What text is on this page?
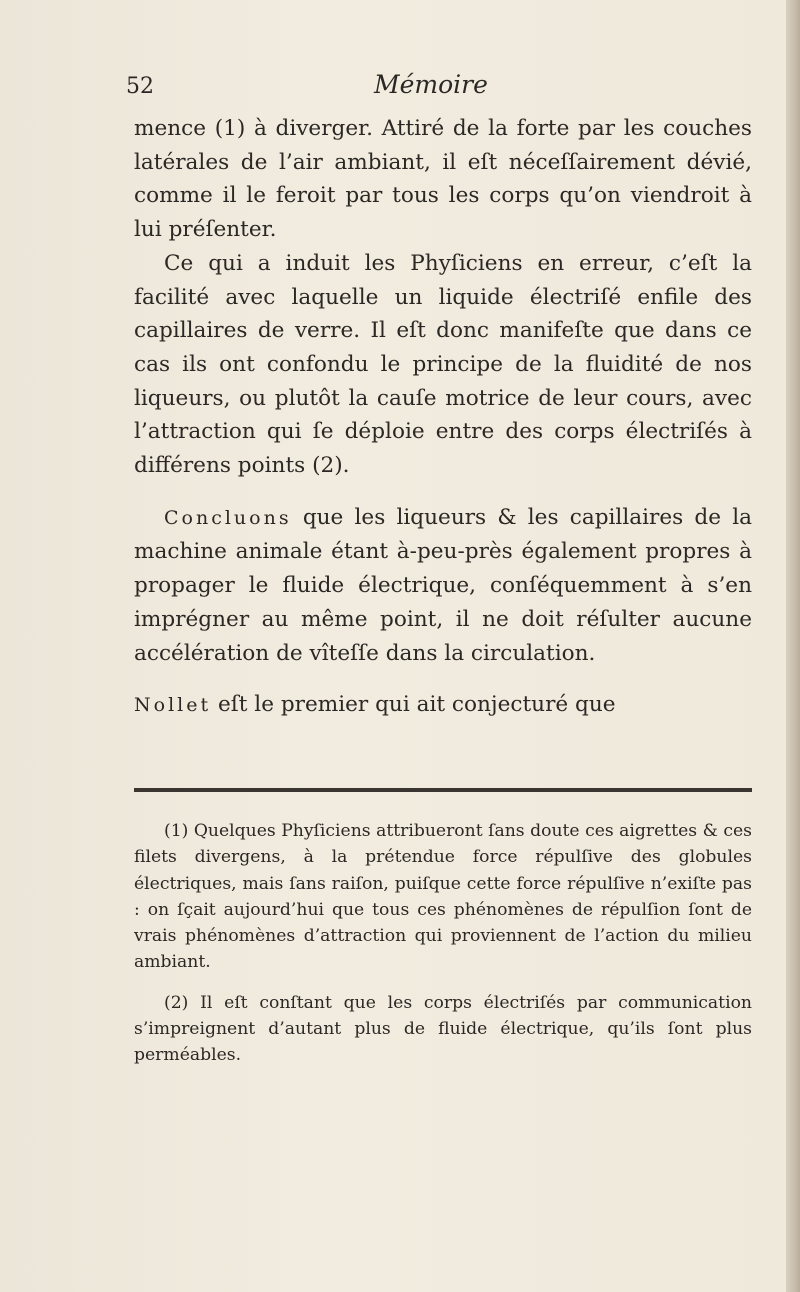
52	Mémoire

mence (1) à diverger. Attiré de la forte par les couches latérales de l’air ambiant, il eſt néceſſairement dévié, comme il le feroit par tous les corps qu’on viendroit à lui préſenter.

Ce qui a induit les Phyſiciens en erreur, c’eſt la facilité avec laquelle un liquide électriſé enfile des capillaires de verre. Il eſt donc manifeſte que dans ce cas ils ont confondu le principe de la fluidité de nos liqueurs, ou plutôt la cauſe motrice de leur cours, avec l’attraction qui ſe déploie entre des corps électriſés à différens points (2).

Concluons que les liqueurs & les capillaires de la machine animale étant à-peu-près également propres à propager le fluide électrique, conſéquemment à s’en imprégner au même point, il ne doit réſulter aucune accélération de vîteſſe dans la circulation.

Nollet eſt le premier qui ait conjecturé que

(1) Quelques Phyſiciens attribueront ſans doute ces aigrettes & ces filets divergens, à la prétendue force répulſive des globules électriques, mais ſans raiſon, puiſque cette force répulſive n’exiſte pas : on ſçait aujourd’hui que tous ces phénomènes de répulſion ſont de vrais phénomènes d’attraction qui proviennent de l’action du milieu ambiant.

(2) Il eſt conſtant que les corps électriſés par communication s’impreignent d’autant plus de fluide électrique, qu’ils ſont plus perméables.
